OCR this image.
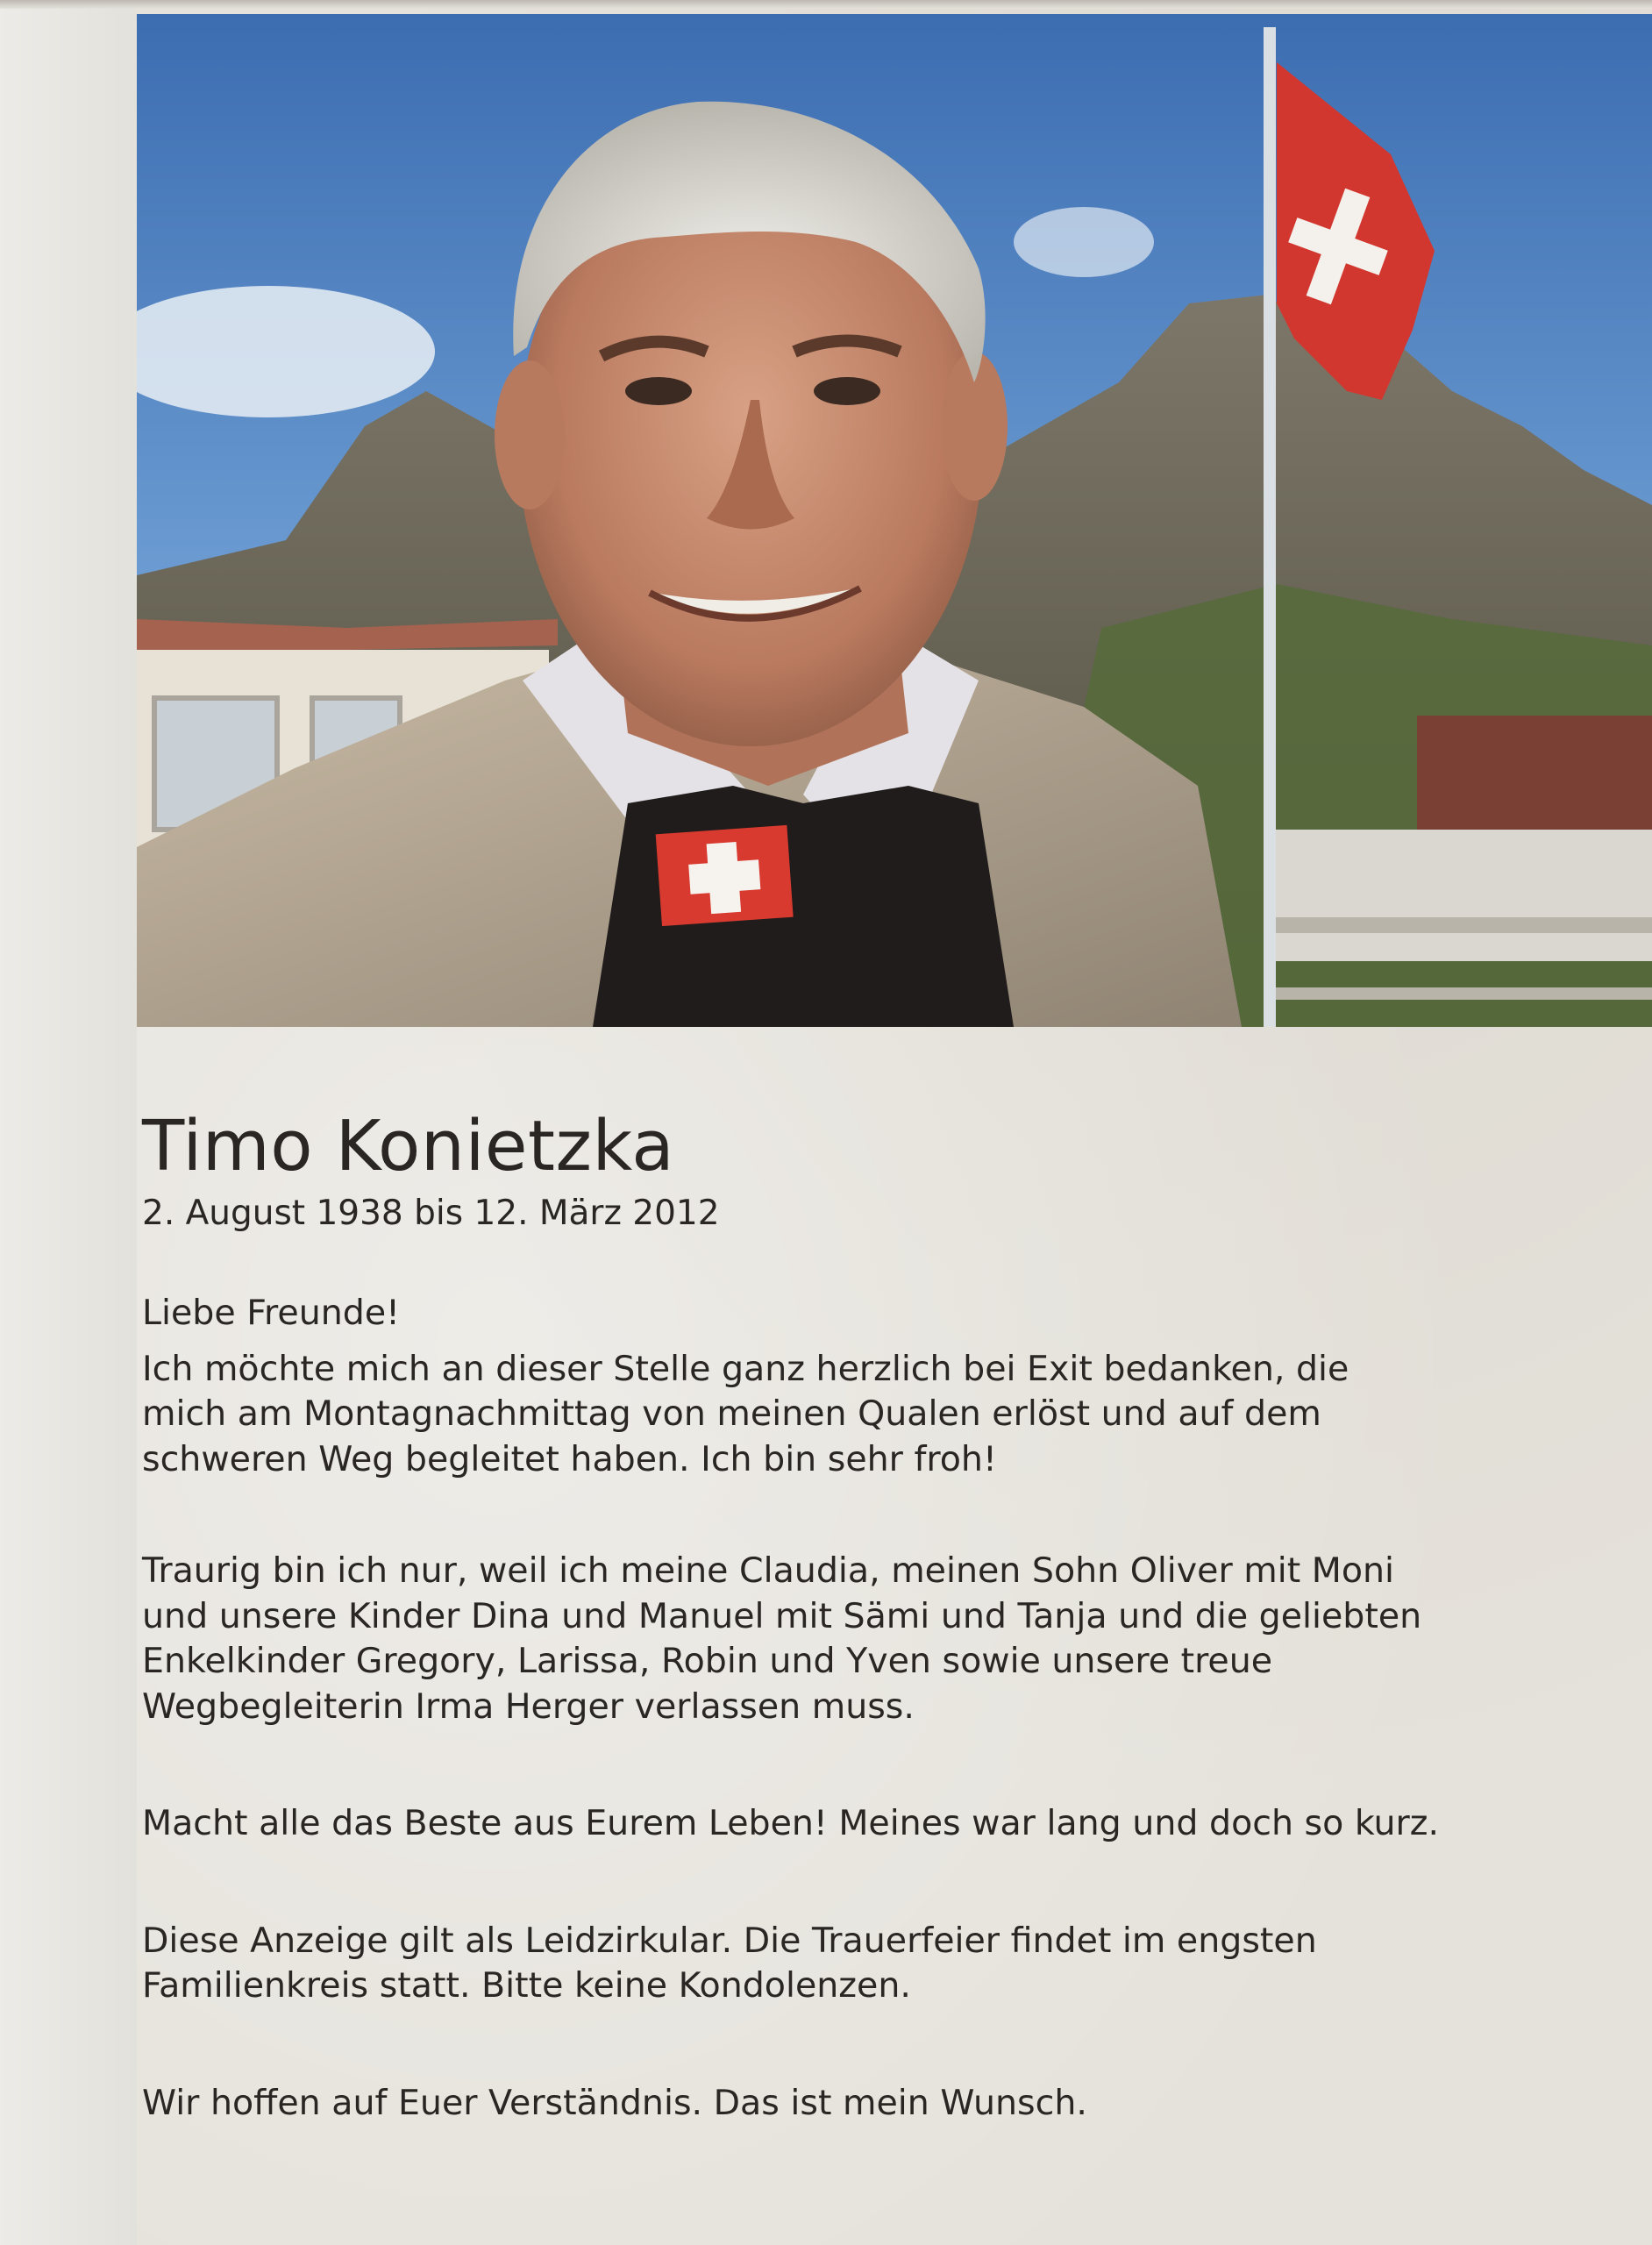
Timo Konietzka
2. August 1938 bis 12. März 2012

Liebe Freunde!

Ich möchte mich an dieser Stelle ganz herzlich bei Exit bedanken, die mich am Montagnachmittag von meinen Qualen erlöst und auf dem schweren Weg begleitet haben. Ich bin sehr froh!

Traurig bin ich nur, weil ich meine Claudia, meinen Sohn Oliver mit Moni und unsere Kinder Dina und Manuel mit Sämi und Tanja und die geliebten Enkelkinder Gregory, Larissa, Robin und Yven sowie unsere treue Wegbegleiterin Irma Herger verlassen muss.

Macht alle das Beste aus Eurem Leben! Meines war lang und doch so kurz.

Diese Anzeige gilt als Leidzirkular. Die Trauerfeier findet im engsten Familienkreis statt. Bitte keine Kondolenzen.

Wir hoffen auf Euer Verständnis. Das ist mein Wunsch.
